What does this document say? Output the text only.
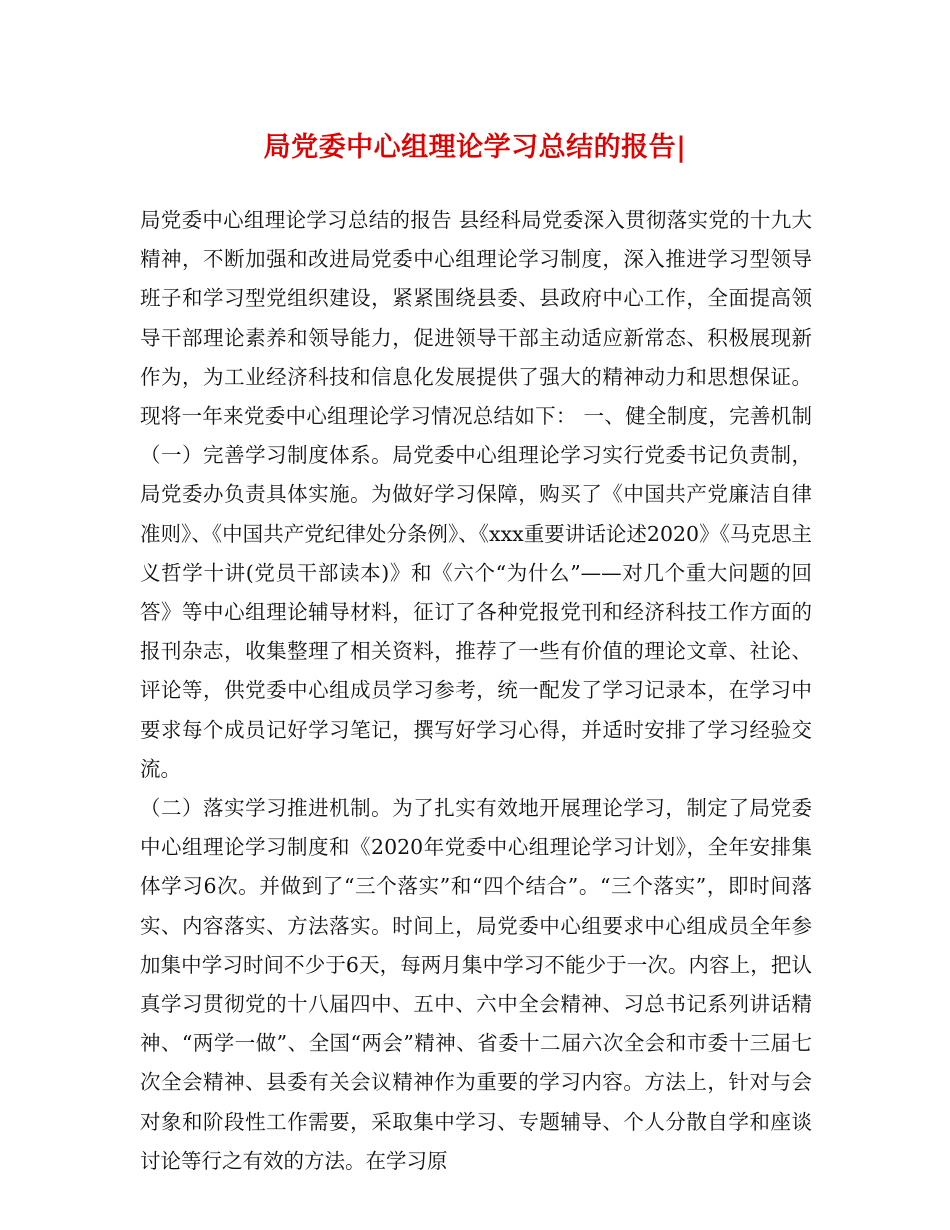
局党委中心组理论学习总结的报告|

局党委中心组理论学习总结的报告 县经科局党委深入贯彻落实党的十九大精神，不断加强和改进局党委中心组理论学习制度，深入推进学习型领导班子和学习型党组织建设，紧紧围绕县委、县政府中心工作，全面提高领导干部理论素养和领导能力，促进领导干部主动适应新常态、积极展现新作为，为工业经济科技和信息化发展提供了强大的精神动力和思想保证。现将一年来党委中心组理论学习情况总结如下： 一、健全制度，完善机制 （一）完善学习制度体系。局党委中心组理论学习实行党委书记负责制，局党委办负责具体实施。为做好学习保障，购买了《中国共产党廉洁自律准则》、《中国共产党纪律处分条例》、《xxx重要讲话论述2020》《马克思主义哲学十讲(党员干部读本)》和《六个“为什么”——对几个重大问题的回答》等中心组理论辅导材料，征订了各种党报党刊和经济科技工作方面的报刊杂志，收集整理了相关资料，推荐了一些有价值的理论文章、社论、评论等，供党委中心组成员学习参考，统一配发了学习记录本，在学习中要求每个成员记好学习笔记，撰写好学习心得，并适时安排了学习经验交流。

（二）落实学习推进机制。为了扎实有效地开展理论学习，制定了局党委中心组理论学习制度和《2020年党委中心组理论学习计划》，全年安排集体学习6次。并做到了“三个落实”和“四个结合”。“三个落实”，即时间落实、内容落实、方法落实。时间上，局党委中心组要求中心组成员全年参加集中学习时间不少于6天，每两月集中学习不能少于一次。内容上，把认真学习贯彻党的十八届四中、五中、六中全会精神、习总书记系列讲话精神、“两学一做”、全国“两会”精神、省委十二届六次全会和市委十三届七次全会精神、县委有关会议精神作为重要的学习内容。方法上，针对与会对象和阶段性工作需要，采取集中学习、专题辅导、个人分散自学和座谈讨论等行之有效的方法。在学习原
